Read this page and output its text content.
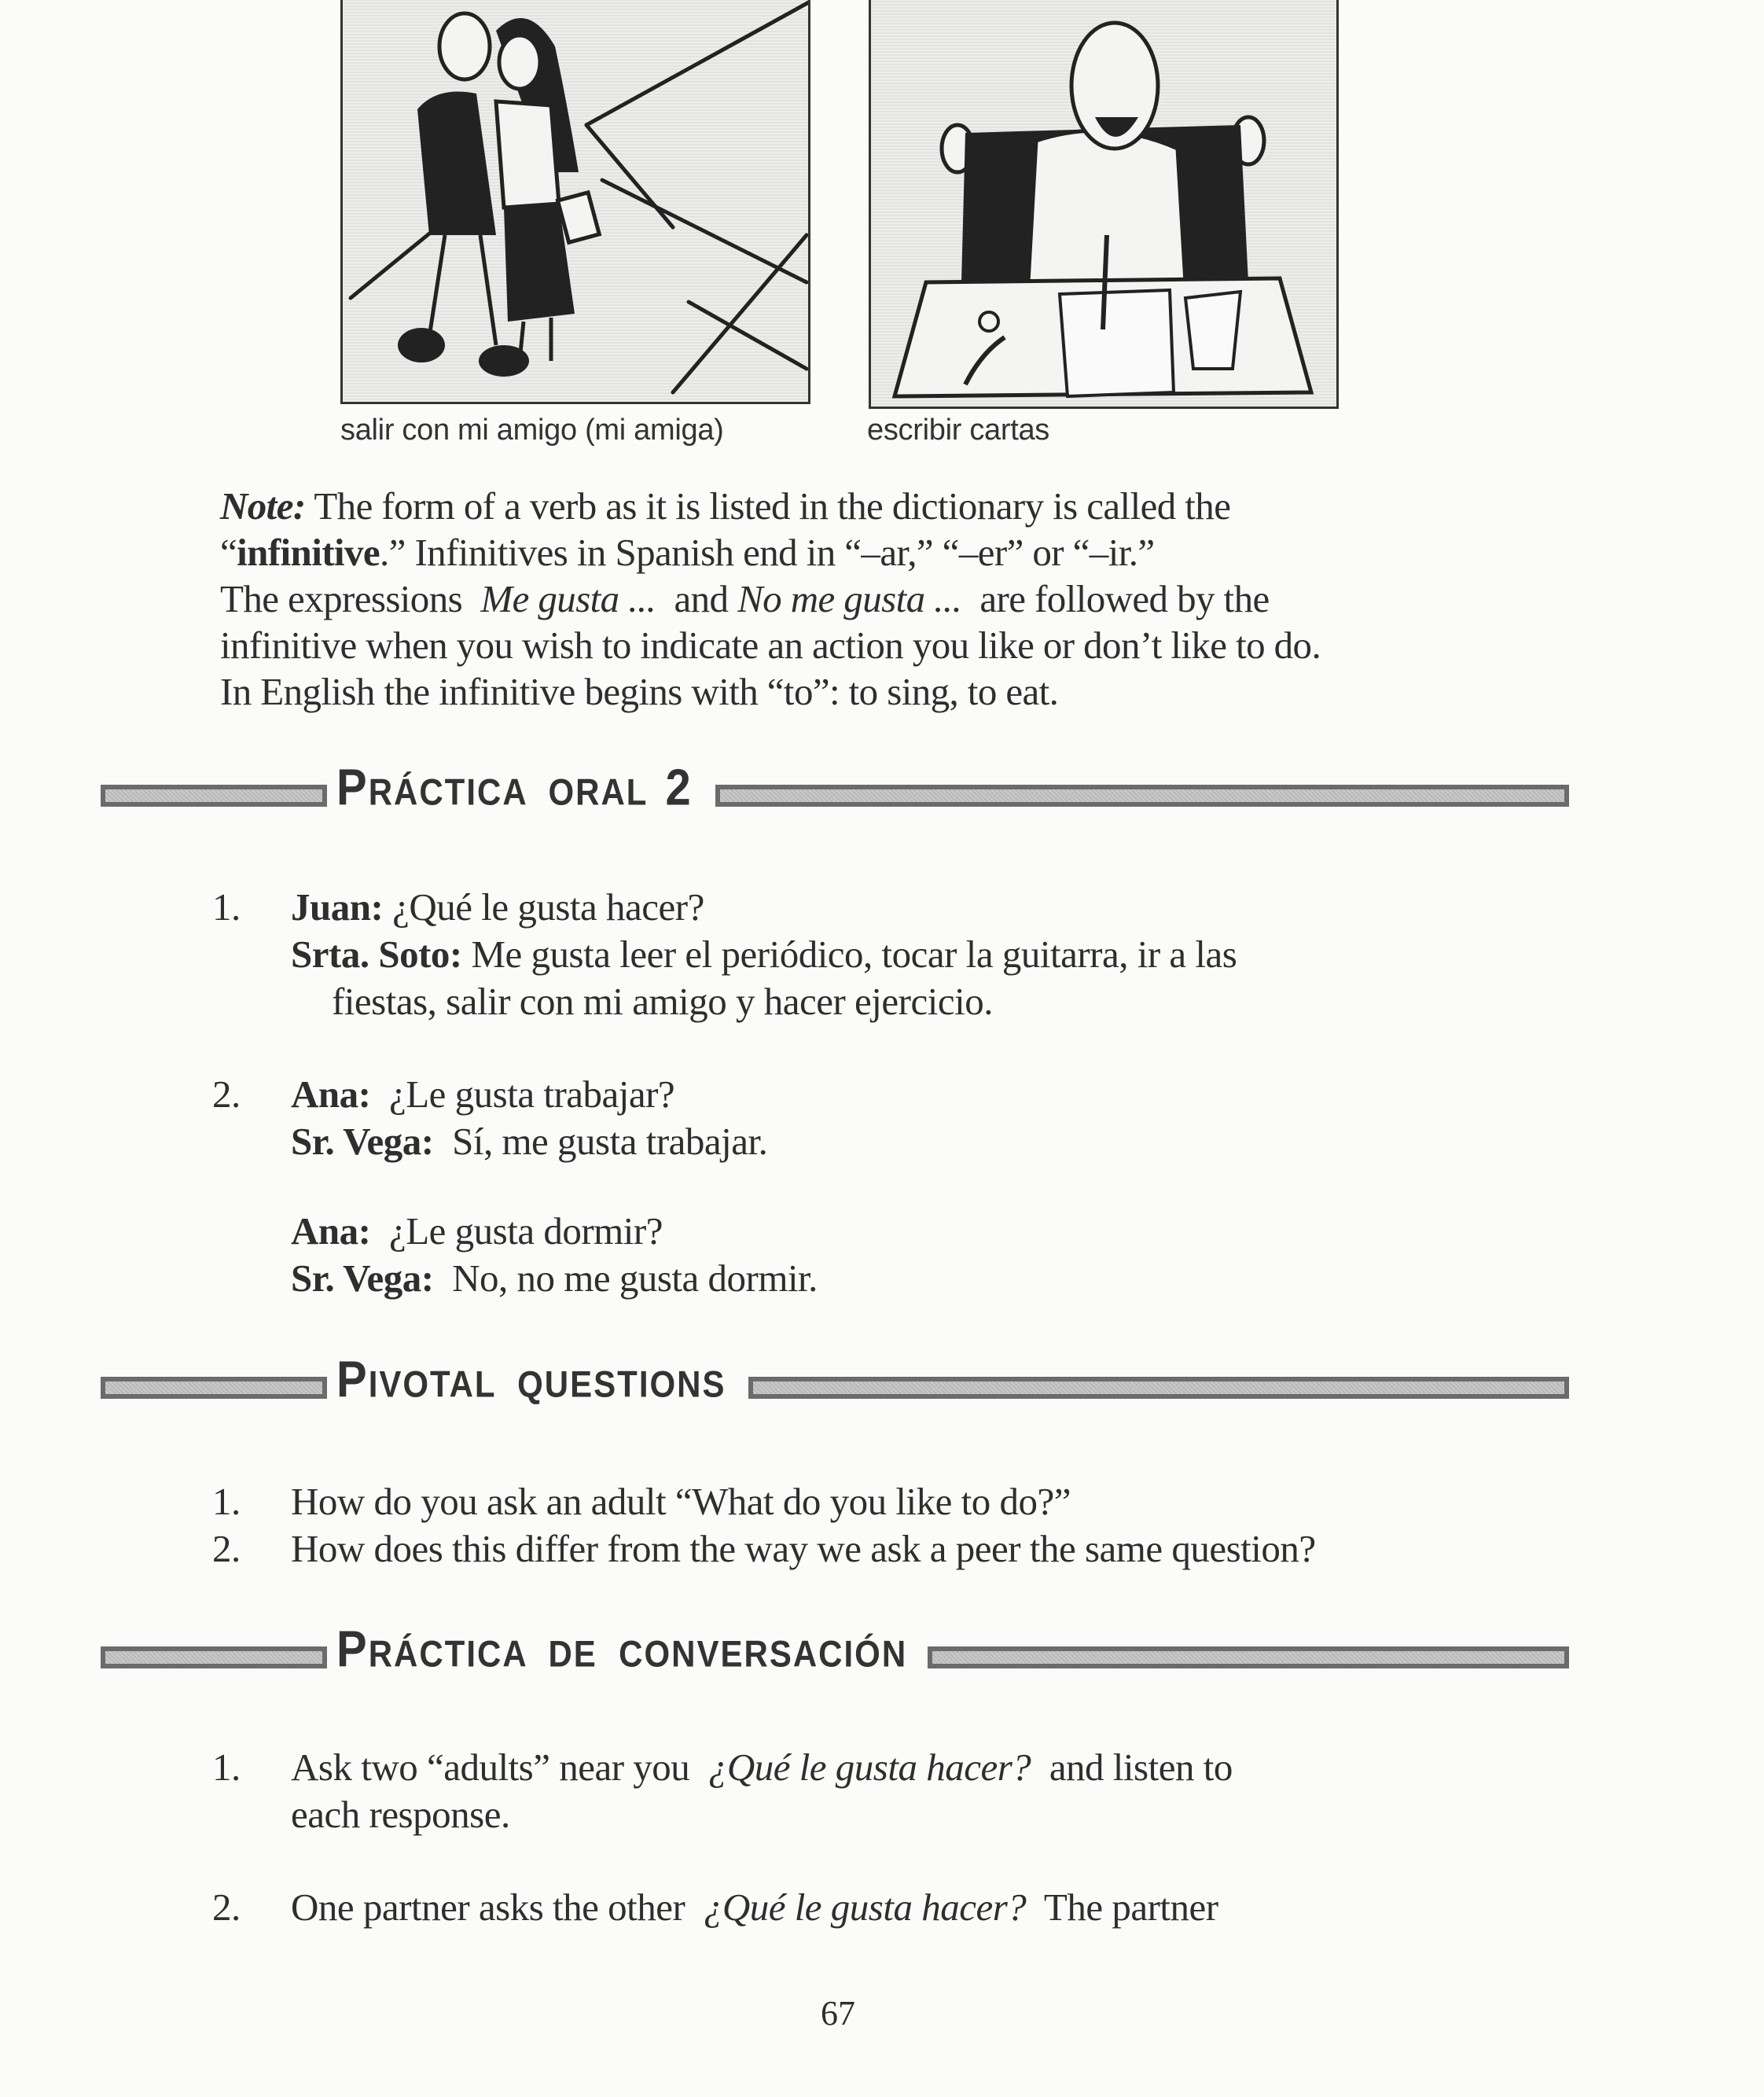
salir con mi amigo (mi amiga)	escribir cartas

Note: The form of a verb as it is listed in the dictionary is called the

“infinitive.” Infinitives in Spanish end in “–ar,” “–er” or “–ir.”

The expressions  Me gusta ...  and No me gusta ...  are followed by the

infinitive when you wish to indicate an action you like or don’t like to do.

In English the infinitive begins with “to”: to sing, to eat.

PRÁCTICA  ORAL 2
1. Juan: ¿Qué le gusta hacer?
Srta. Soto: Me gusta leer el periódico, tocar la guitarra, ir a las
fiestas, salir con mi amigo y hacer ejercicio.
2. Ana:  ¿Le gusta trabajar?
Sr. Vega:  Sí, me gusta trabajar.
Ana:  ¿Le gusta dormir?
Sr. Vega:  No, no me gusta dormir.
PIVOTAL  QUESTIONS
1. How do you ask an adult “What do you like to do?”
2. How does this differ from the way we ask a peer the same question?
PRÁCTICA  DE  CONVERSACIÓN
1. Ask two “adults” near you  ¿Qué le gusta hacer?  and listen to
each response.
2. One partner asks the other  ¿Qué le gusta hacer?  The partner
67
